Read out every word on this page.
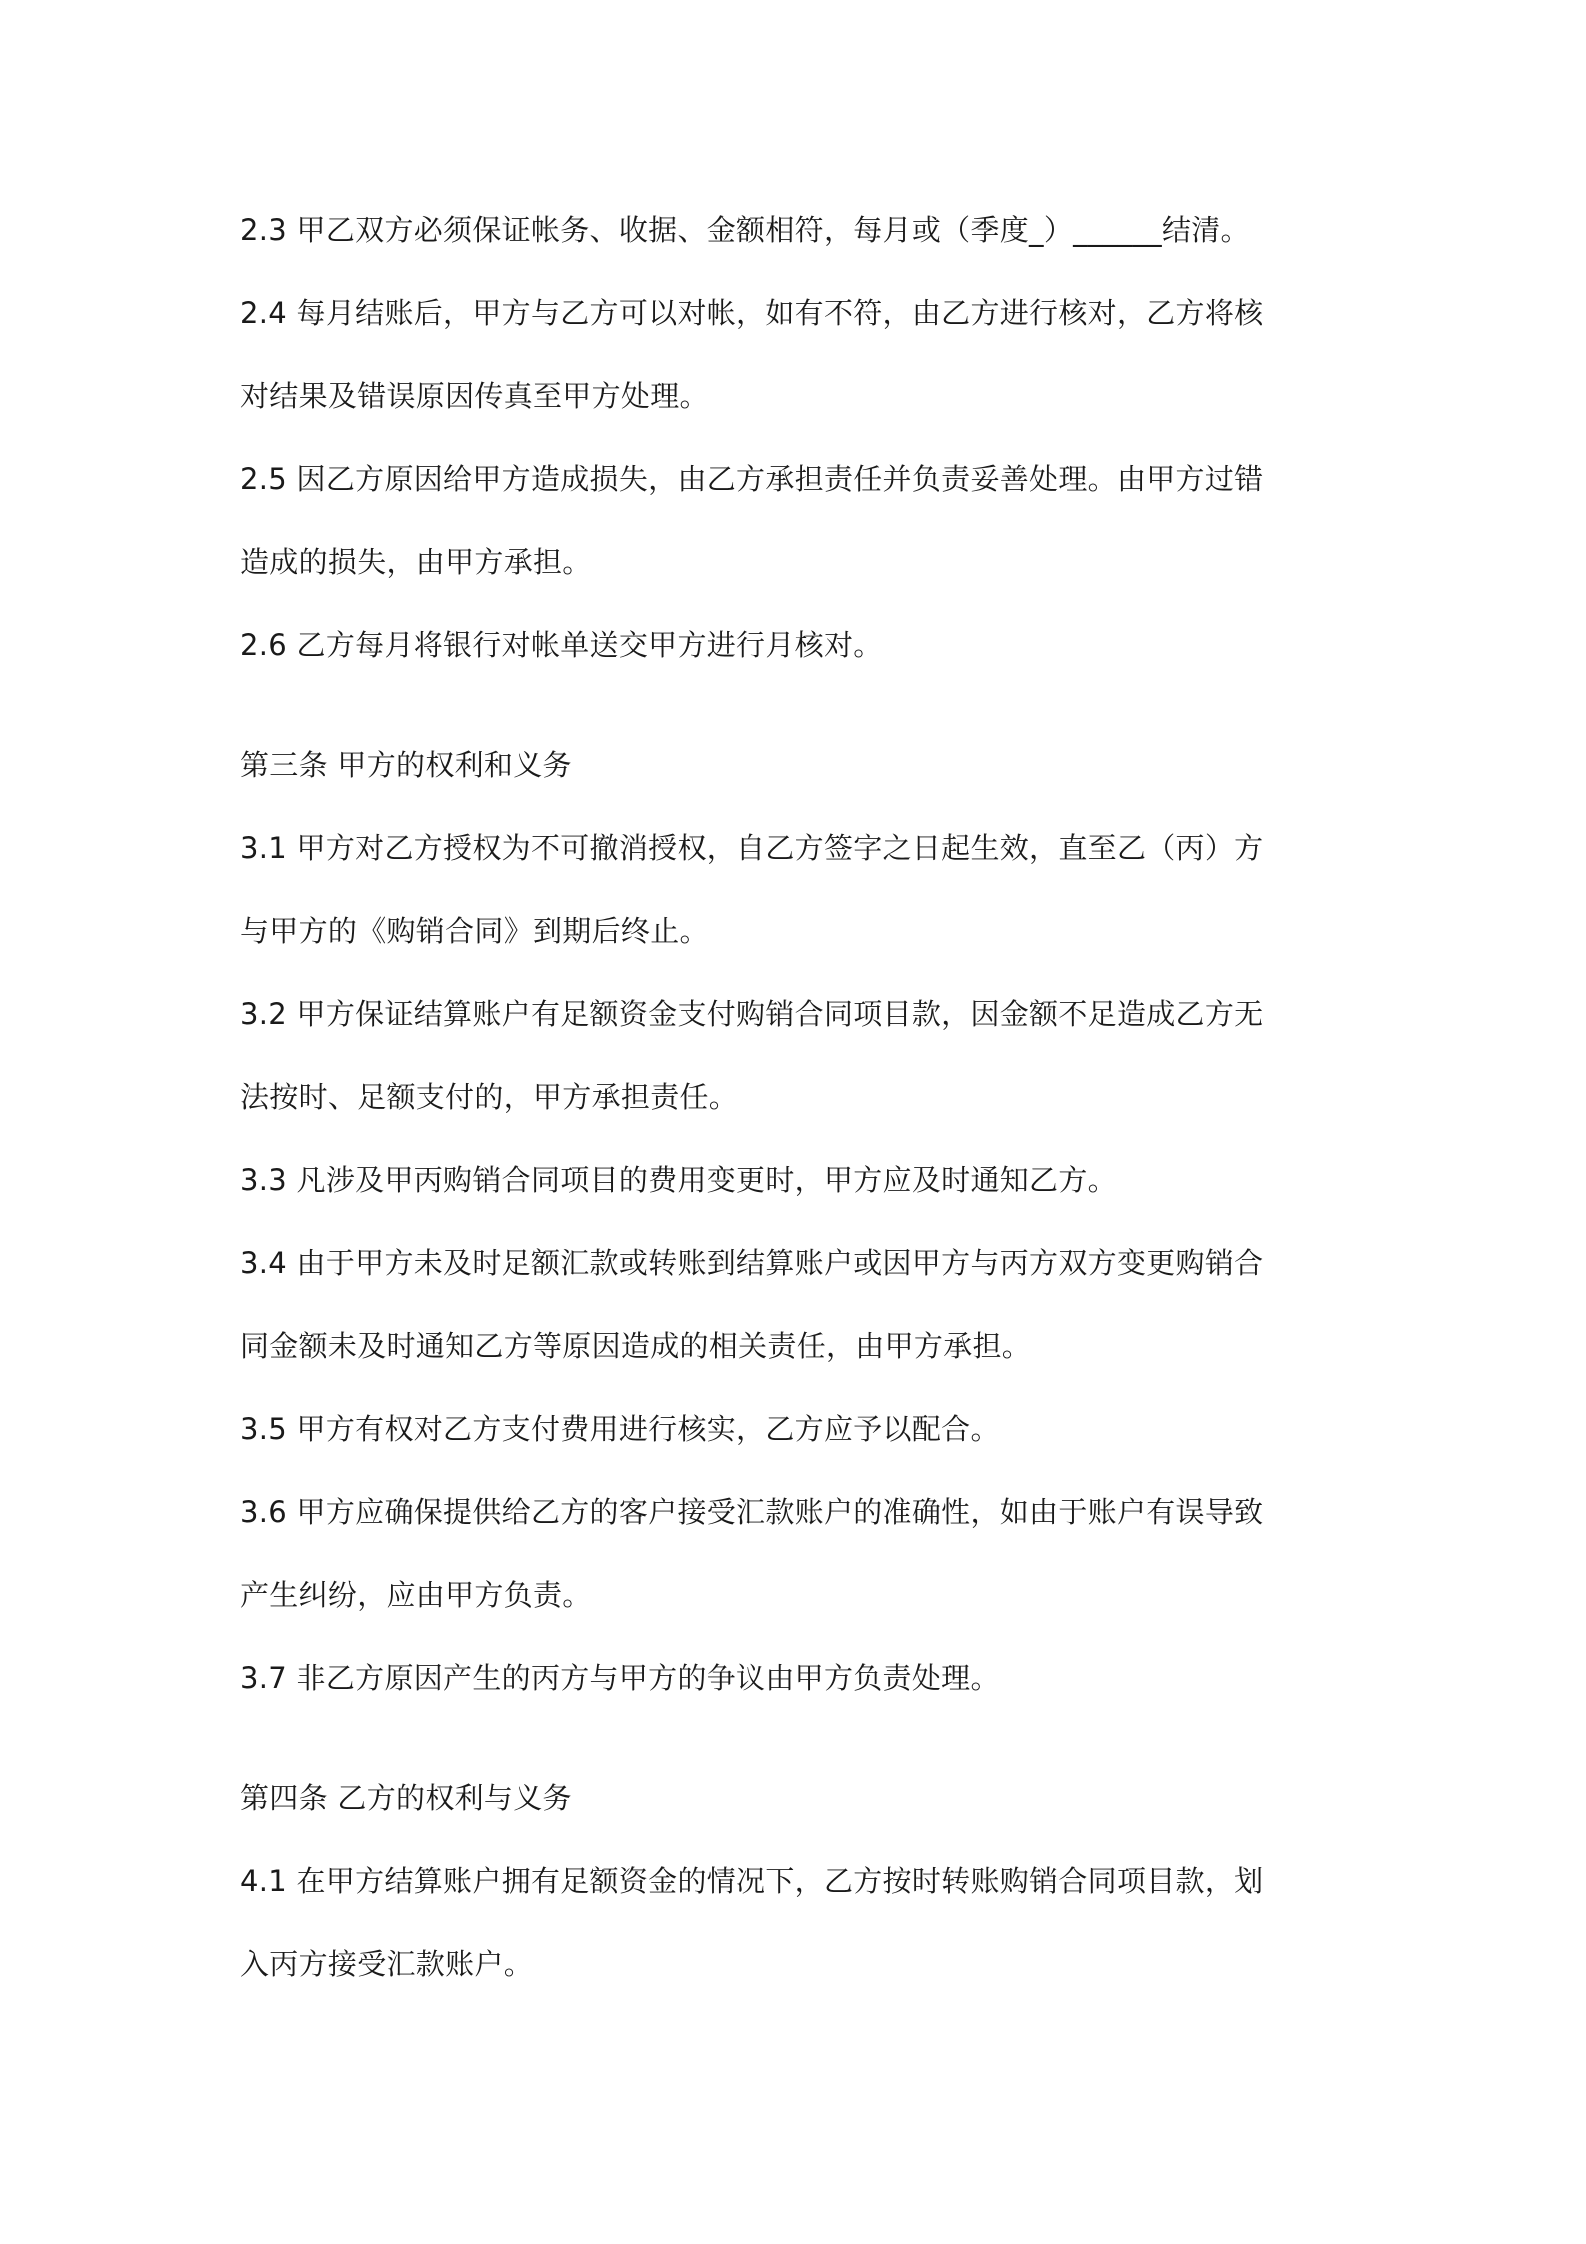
2.3 甲乙双方必须保证帐务、收据、金额相符，每月或（季度_）______结清。
2.4 每月结账后，甲方与乙方可以对帐，如有不符，由乙方进行核对，乙方将核
对结果及错误原因传真至甲方处理。
2.5 因乙方原因给甲方造成损失，由乙方承担责任并负责妥善处理。由甲方过错
造成的损失，由甲方承担。
2.6 乙方每月将银行对帐单送交甲方进行月核对。
第三条 甲方的权利和义务
3.1 甲方对乙方授权为不可撤消授权，自乙方签字之日起生效，直至乙（丙）方
与甲方的《购销合同》到期后终止。
3.2 甲方保证结算账户有足额资金支付购销合同项目款，因金额不足造成乙方无
法按时、足额支付的，甲方承担责任。
3.3 凡涉及甲丙购销合同项目的费用变更时，甲方应及时通知乙方。
3.4 由于甲方未及时足额汇款或转账到结算账户或因甲方与丙方双方变更购销合
同金额未及时通知乙方等原因造成的相关责任，由甲方承担。
3.5 甲方有权对乙方支付费用进行核实，乙方应予以配合。
3.6 甲方应确保提供给乙方的客户接受汇款账户的准确性，如由于账户有误导致
产生纠纷，应由甲方负责。
3.7 非乙方原因产生的丙方与甲方的争议由甲方负责处理。
第四条 乙方的权利与义务
4.1 在甲方结算账户拥有足额资金的情况下，乙方按时转账购销合同项目款，划
入丙方接受汇款账户。
